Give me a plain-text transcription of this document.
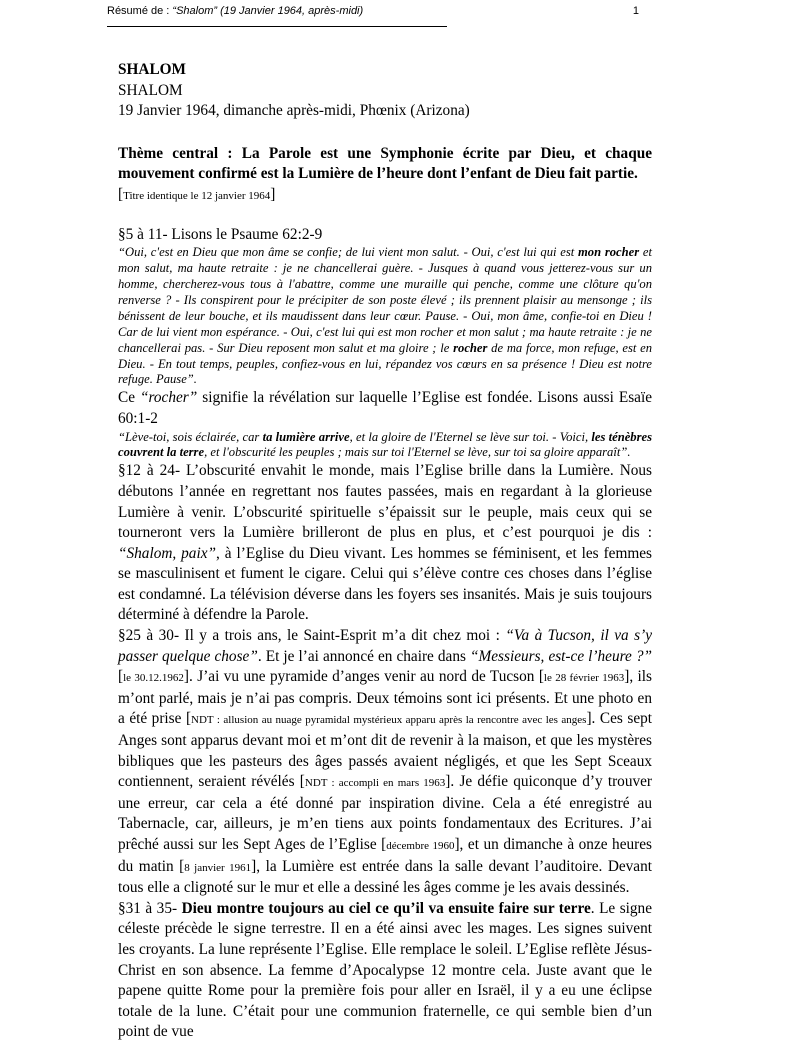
Résumé de : “Shalom” (19 Janvier 1964, après-midi)	1

SHALOM

SHALOM

19 Janvier 1964, dimanche après-midi, Phœnix (Arizona)

Thème central : La Parole est une Symphonie écrite par Dieu, et chaque mouvement confirmé est la Lumière de l’heure dont l’enfant de Dieu fait partie.

[Titre identique le 12 janvier 1964]

§5 à 11- Lisons le Psaume 62:2-9

“Oui, c'est en Dieu que mon âme se confie; de lui vient mon salut. - Oui, c'est lui qui est mon rocher et mon salut, ma haute retraite : je ne chancellerai guère. - Jusques à quand vous jetterez-vous sur un homme, chercherez-vous tous à l'abattre, comme une muraille qui penche, comme une clôture qu'on renverse ? - Ils conspirent pour le précipiter de son poste élevé ; ils prennent plaisir au mensonge ; ils bénissent de leur bouche, et ils maudissent dans leur cœur. Pause. - Oui, mon âme, confie-toi en Dieu ! Car de lui vient mon espérance. - Oui, c'est lui qui est mon rocher et mon salut ; ma haute retraite : je ne chancellerai pas. - Sur Dieu reposent mon salut et ma gloire ; le rocher de ma force, mon refuge, est en Dieu. - En tout temps, peuples, confiez-vous en lui, répandez vos cœurs en sa présence ! Dieu est notre refuge. Pause”.

Ce “rocher” signifie la révélation sur laquelle l’Eglise est fondée. Lisons aussi Esaïe 60:1-2

“Lève-toi, sois éclairée, car ta lumière arrive, et la gloire de l'Eternel se lève sur toi. - Voici, les ténèbres couvrent la terre, et l'obscurité les peuples ; mais sur toi l'Eternel se lève, sur toi sa gloire apparaît”.

§12 à 24- L’obscurité envahit le monde, mais l’Eglise brille dans la Lumière. Nous débutons l’année en regrettant nos fautes passées, mais en regardant à la glorieuse Lumière à venir. L’obscurité spirituelle s’épaissit sur le peuple, mais ceux qui se tourneront vers la Lumière brilleront de plus en plus, et c’est pourquoi je dis : “Shalom, paix”, à l’Eglise du Dieu vivant. Les hommes se féminisent, et les femmes se masculinisent et fument le cigare. Celui qui s’élève contre ces choses dans l’église est condamné. La télévision déverse dans les foyers ses insanités. Mais je suis toujours déterminé à défendre la Parole.

§25 à 30- Il y a trois ans, le Saint-Esprit m’a dit chez moi : “Va à Tucson, il va s’y passer quelque chose”. Et je l’ai annoncé en chaire dans “Messieurs, est-ce l’heure ?” [le 30.12.1962]. J’ai vu une pyramide d’anges venir au nord de Tucson [le 28 février 1963], ils m’ont parlé, mais je n’ai pas compris. Deux témoins sont ici présents. Et une photo en a été prise [NDT : allusion au nuage pyramidal mystérieux apparu après la rencontre avec les anges]. Ces sept Anges sont apparus devant moi et m’ont dit de revenir à la maison, et que les mystères bibliques que les pasteurs des âges passés avaient négligés, et que les Sept Sceaux contiennent, seraient révélés [NDT : accompli en mars 1963]. Je défie quiconque d’y trouver une erreur, car cela a été donné par inspiration divine. Cela a été enregistré au Tabernacle, car, ailleurs, je m’en tiens aux points fondamentaux des Ecritures. J’ai prêché aussi sur les Sept Ages de l’Eglise [décembre 1960], et un dimanche à onze heures du matin [8 janvier 1961], la Lumière est entrée dans la salle devant l’auditoire. Devant tous elle a clignoté sur le mur et elle a dessiné les âges comme je les avais dessinés.

§31 à 35- Dieu montre toujours au ciel ce qu’il va ensuite faire sur terre. Le signe céleste précède le signe terrestre. Il en a été ainsi avec les mages. Les signes suivent les croyants. La lune représente l’Eglise. Elle remplace le soleil. L’Eglise reflète Jésus-Christ en son absence. La femme d’Apocalypse 12 montre cela. Juste avant que le papene quitte Rome pour la première fois pour aller en Israël, il y a eu une éclipse totale de la lune. C’était pour une communion fraternelle, ce qui semble bien d’un point de vue
